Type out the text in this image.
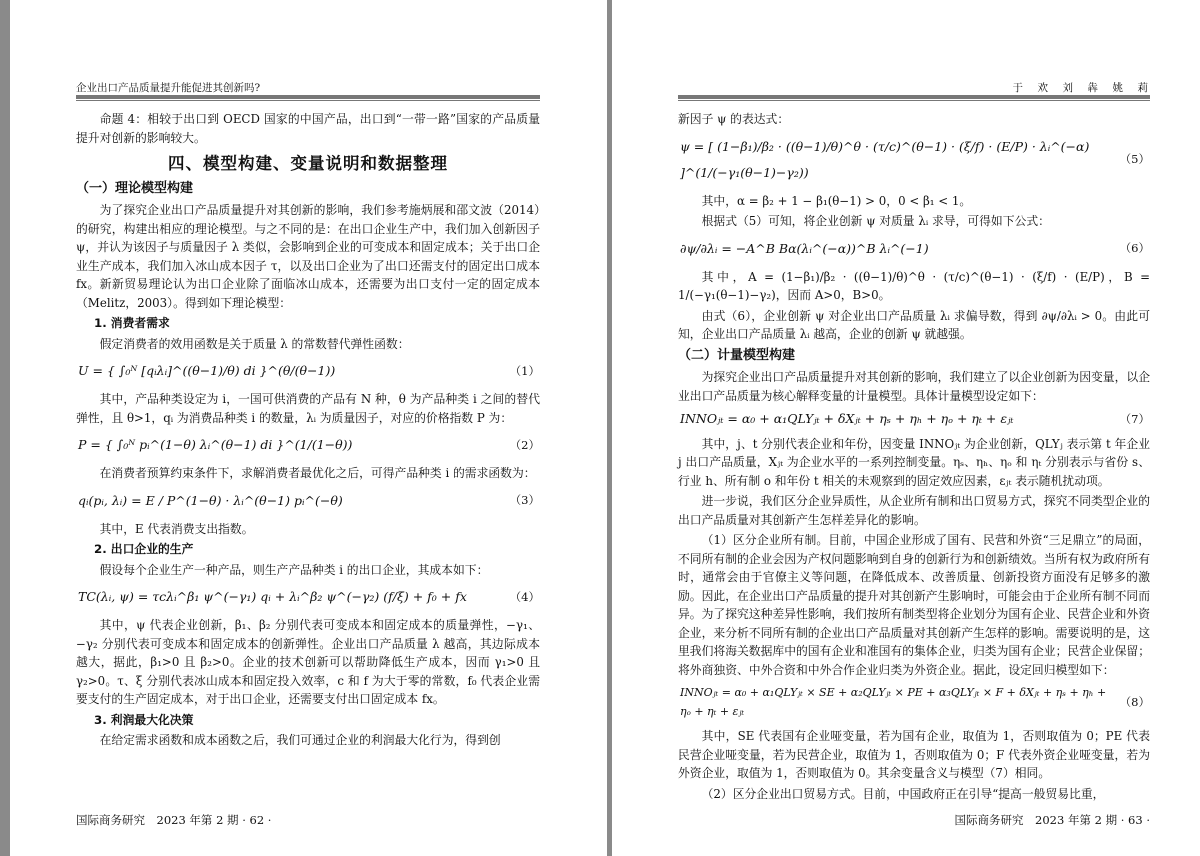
企业出口产品质量提升能促进其创新吗?

命题 4：相较于出口到 OECD 国家的中国产品，出口到“一带一路”国家的产品质量提升对创新的影响较大。

四、模型构建、变量说明和数据整理
（一）理论模型构建

为了探究企业出口产品质量提升对其创新的影响，我们参考施炳展和邵文波（2014）的研究，构建出相应的理论模型。与之不同的是：在出口企业生产中，我们加入创新因子 ψ，并认为该因子与质量因子 λ 类似，会影响到企业的可变成本和固定成本；关于出口企业生产成本，我们加入冰山成本因子 τ，以及出口企业为了出口还需支付的固定出口成本 fx。新新贸易理论认为出口企业除了面临冰山成本，还需要为出口支付一定的固定成本（Melitz，2003）。得到如下理论模型：

1. 消费者需求

假定消费者的效用函数是关于质量 λ 的常数替代弹性函数：

U = { ∫₀ᴺ [qᵢλᵢ]^((θ−1)/θ) di }^(θ/(θ−1))	（1）

其中，产品种类设定为 i，一国可供消费的产品有 N 种，θ 为产品种类 i 之间的替代弹性，且 θ>1，qᵢ 为消费品种类 i 的数量，λᵢ 为质量因子，对应的价格指数 P 为：

P = { ∫₀ᴺ pᵢ^(1−θ) λᵢ^(θ−1) di }^(1/(1−θ))	（2）

在消费者预算约束条件下，求解消费者最优化之后，可得产品种类 i 的需求函数为：

qᵢ(pᵢ, λᵢ) = E / P^(1−θ) · λᵢ^(θ−1) pᵢ^(−θ)	（3）

其中，E 代表消费支出指数。

2. 出口企业的生产

假设每个企业生产一种产品，则生产产品种类 i 的出口企业，其成本如下：

TC(λᵢ, ψ) = τcλᵢ^β₁ ψ^(−γ₁) qᵢ + λᵢ^β₂ ψ^(−γ₂) (f/ξ) + f₀ + fx	（4）

其中，ψ 代表企业创新，β₁、β₂ 分别代表可变成本和固定成本的质量弹性，−γ₁、−γ₂ 分别代表可变成本和固定成本的创新弹性。企业出口产品质量 λ 越高，其边际成本越大，据此，β₁>0 且 β₂>0。企业的技术创新可以帮助降低生产成本，因而 γ₁>0 且 γ₂>0。τ、ξ 分别代表冰山成本和固定投入效率，c 和 f 为大于零的常数，f₀ 代表企业需要支付的生产固定成本，对于出口企业，还需要支付出口固定成本 fx。

3. 利润最大化决策

在给定需求函数和成本函数之后，我们可通过企业的利润最大化行为，得到创

国际商务研究　2023 年第 2 期 · 62 ·
于　欢　刘　犇　姚　莉

新因子 ψ 的表达式：

ψ = [ (1−β₁)/β₂ · ((θ−1)/θ)^θ · (τ/c)^(θ−1) · (ξ/f) · (E/P) · λᵢ^(−α) ]^(1/(−γ₁(θ−1)−γ₂))
（5）

其中，α = β₂ + 1 − β₁(θ−1) > 0，0 < β₁ < 1。

根据式（5）可知，将企业创新 ψ 对质量 λᵢ 求导，可得如下公式：

∂ψ/∂λᵢ = −A^B Bα(λᵢ^(−α))^B λᵢ^(−1)	（6）

其中，A = (1−β₁)/β₂ · ((θ−1)/θ)^θ · (τ/c)^(θ−1) · (ξ/f) · (E/P)，B = 1/(−γ₁(θ−1)−γ₂)，因而 A>0，B>0。

由式（6），企业创新 ψ 对企业出口产品质量 λᵢ 求偏导数，得到 ∂ψ/∂λᵢ > 0。由此可知，企业出口产品质量 λᵢ 越高，企业的创新 ψ 就越强。

（二）计量模型构建

为探究企业出口产品质量提升对其创新的影响，我们建立了以企业创新为因变量，以企业出口产品质量为核心解释变量的计量模型。具体计量模型设定如下：

INNOⱼₜ = α₀ + α₁QLYⱼₜ + δXⱼₜ + ηₛ + ηₕ + ηₒ + ηₜ + εⱼₜ	（7）

其中，j、t 分别代表企业和年份，因变量 INNOⱼₜ 为企业创新，QLYⱼ 表示第 t 年企业 j 出口产品质量，Xⱼₜ 为企业水平的一系列控制变量。ηₛ、ηₕ、ηₒ 和 ηₜ 分别表示与省份 s、行业 h、所有制 o 和年份 t 相关的未观察到的固定效应因素，εⱼₜ 表示随机扰动项。

进一步说，我们区分企业异质性，从企业所有制和出口贸易方式，探究不同类型企业的出口产品质量对其创新产生怎样差异化的影响。

（1）区分企业所有制。目前，中国企业形成了国有、民营和外资“三足鼎立”的局面，不同所有制的企业会因为产权问题影响到自身的创新行为和创新绩效。当所有权为政府所有时，通常会由于官僚主义等问题，在降低成本、改善质量、创新投资方面没有足够多的激励。因此，在企业出口产品质量的提升对其创新产生影响时，可能会由于企业所有制不同而异。为了探究这种差异性影响，我们按所有制类型将企业划分为国有企业、民营企业和外资企业，来分析不同所有制的企业出口产品质量对其创新产生怎样的影响。需要说明的是，这里我们将海关数据库中的国有企业和准国有的集体企业，归类为国有企业；民营企业保留；将外商独资、中外合资和中外合作企业归类为外资企业。据此，设定回归模型如下：

INNOⱼₜ = α₀ + α₁QLYⱼₜ × SE + α₂QLYⱼₜ × PE + α₃QLYⱼₜ × F + δXⱼₜ + ηₛ + ηₕ + ηₒ + ηₜ + εⱼₜ
（8）

其中，SE 代表国有企业哑变量，若为国有企业，取值为 1，否则取值为 0；PE 代表民营企业哑变量，若为民营企业，取值为 1，否则取值为 0；F 代表外资企业哑变量，若为外资企业，取值为 1，否则取值为 0。其余变量含义与模型（7）相同。

（2）区分企业出口贸易方式。目前，中国政府正在引导“提高一般贸易比重，

国际商务研究　2023 年第 2 期 · 63 ·
